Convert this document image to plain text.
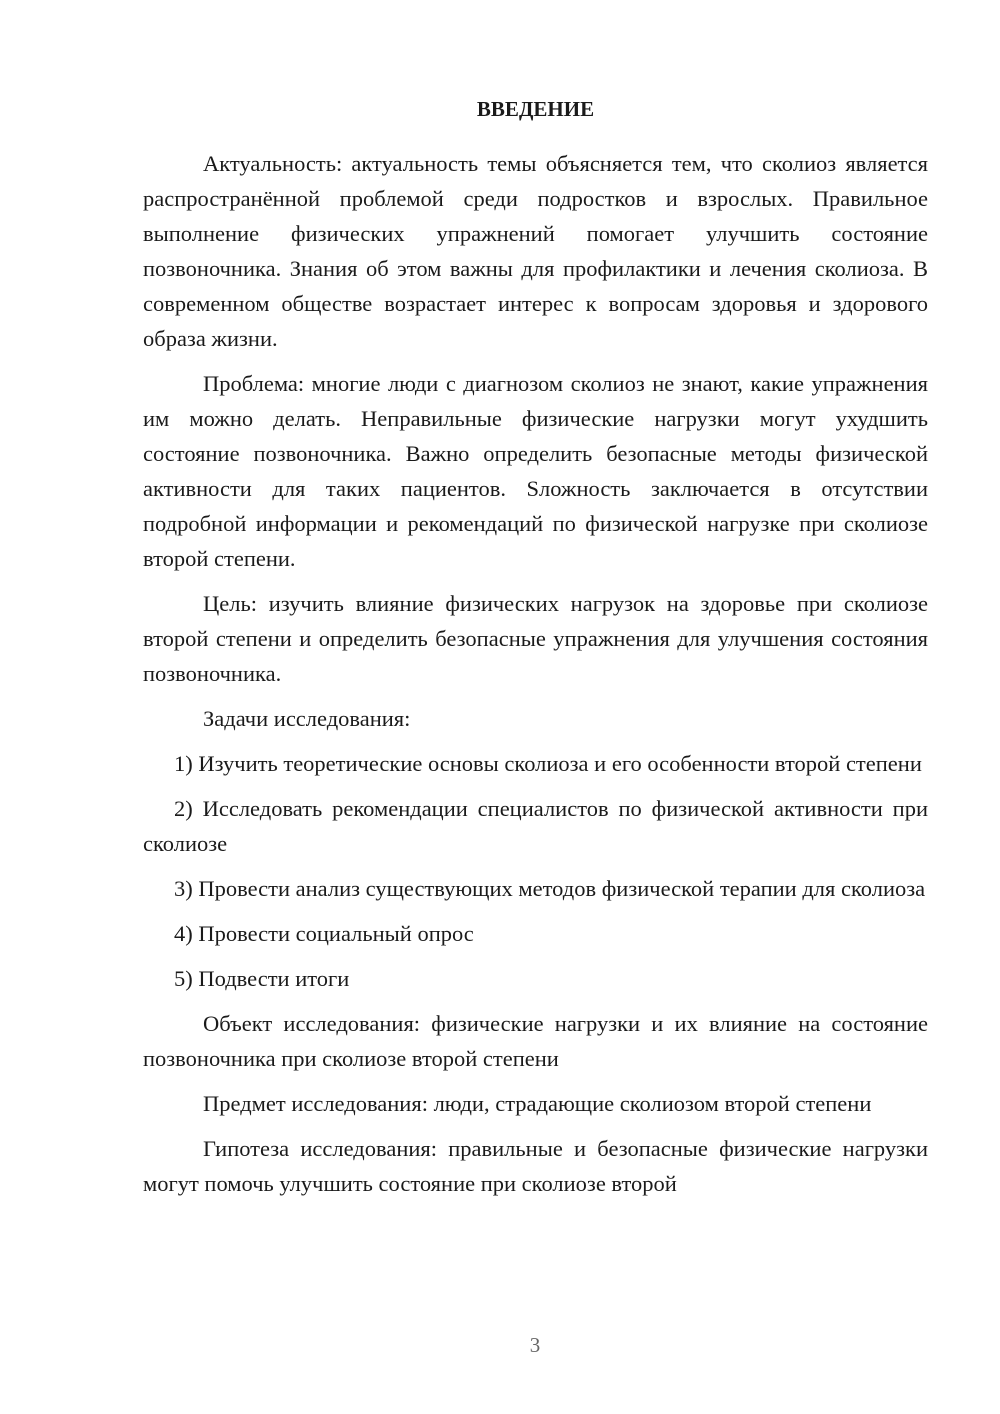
ВВЕДЕНИЕ

Актуальность: актуальность темы объясняется тем, что сколиоз является распространённой проблемой среди подростков и взрослых. Правильное выполнение физических упражнений помогает улучшить состояние позвоночника. Знания об этом важны для профилактики и лечения сколиоза. В современном обществе возрастает интерес к вопросам здоровья и здорового образа жизни.

Проблема: многие люди с диагнозом сколиоз не знают, какие упражнения им можно делать. Неправильные физические нагрузки могут ухудшить состояние позвоночника. Важно определить безопасные методы физической активности для таких пациентов. Sложность заключается в отсутствии подробной информации и рекомендаций по физической нагрузке при сколиозе второй степени.

Цель: изучить влияние физических нагрузок на здоровье при сколиозе второй степени и определить безопасные упражнения для улучшения состояния позвоночника.

Задачи исследования:

1) Изучить теоретические основы сколиоза и его особенности второй степени

2) Исследовать рекомендации специалистов по физической активности при сколиозе

3) Провести анализ существующих методов физической терапии для сколиоза

4) Провести социальный опрос

5) Подвести итоги

Объект исследования: физические нагрузки и их влияние на состояние позвоночника при сколиозе второй степени

Предмет исследования: люди, страдающие сколиозом второй степени

Гипотеза исследования: правильные и безопасные физические нагрузки могут помочь улучшить состояние при сколиозе второй

3
